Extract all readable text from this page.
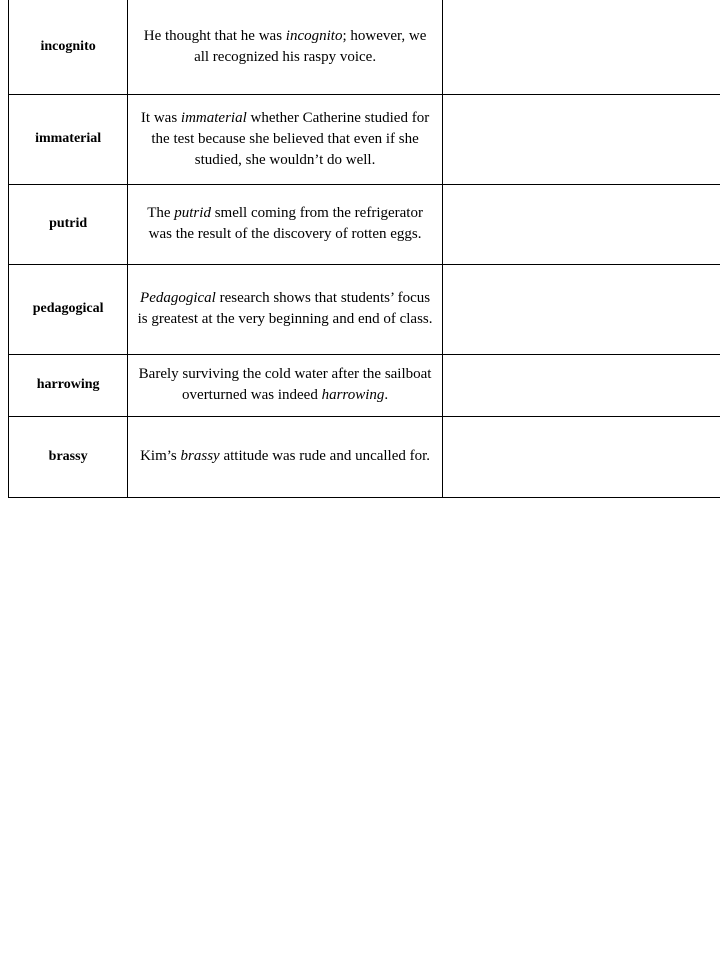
incognito	He thought that he was incognito; however, we all recognized his raspy voice.	
immaterial	It was immaterial whether Catherine studied for the test because she believed that even if she studied, she wouldn’t do well.	
putrid	The putrid smell coming from the refrigerator was the result of the discovery of rotten eggs.	
pedagogical	Pedagogical research shows that students’ focus is greatest at the very beginning and end of class.	
harrowing	Barely surviving the cold water after the sailboat overturned was indeed harrowing.	
brassy	Kim’s brassy attitude was rude and uncalled for.	
